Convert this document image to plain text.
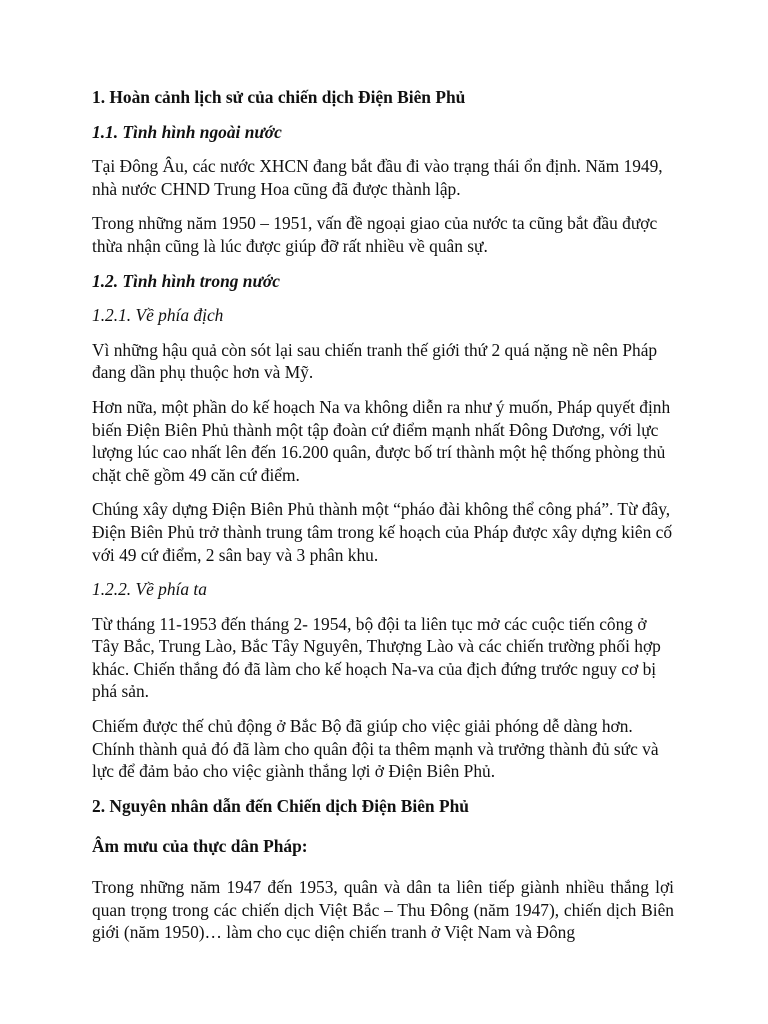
1. Hoàn cảnh lịch sử của chiến dịch Điện Biên Phủ
1.1. Tình hình ngoài nước
Tại Đông Âu, các nước XHCN đang bắt đầu đi vào trạng thái ổn định. Năm 1949, nhà nước CHND Trung Hoa cũng đã được thành lập.
Trong những năm 1950 – 1951, vấn đề ngoại giao của nước ta cũng bắt đầu được thừa nhận cũng là lúc được giúp đỡ rất nhiều về quân sự.
1.2. Tình hình trong nước
1.2.1. Về phía địch
Vì những hậu quả còn sót lại sau chiến tranh thế giới thứ 2 quá nặng nề nên Pháp đang dần phụ thuộc hơn và Mỹ.
Hơn nữa, một phần do kế hoạch Na va không diễn ra như ý muốn, Pháp quyết định biến Điện Biên Phủ thành một tập đoàn cứ điểm mạnh nhất Đông Dương, với lực lượng lúc cao nhất lên đến 16.200 quân, được bố trí thành một hệ thống phòng thủ chặt chẽ gồm 49 căn cứ điểm.
Chúng xây dựng Điện Biên Phủ thành một “pháo đài không thể công phá”. Từ đây, Điện Biên Phủ trở thành trung tâm trong kế hoạch của Pháp được xây dựng kiên cố với 49 cứ điểm, 2 sân bay và 3 phân khu.
1.2.2. Về phía ta
Từ tháng 11-1953 đến tháng 2- 1954, bộ đội ta liên tục mở các cuộc tiến công ở Tây Bắc, Trung Lào, Bắc Tây Nguyên, Thượng Lào và các chiến trường phối hợp khác. Chiến thắng đó đã làm cho kế hoạch Na-va của địch đứng trước nguy cơ bị phá sản.
Chiếm được thế chủ động ở Bắc Bộ đã giúp cho việc giải phóng dễ dàng hơn. Chính thành quả đó đã làm cho quân đội ta thêm mạnh và trưởng thành đủ sức và lực để đảm bảo cho việc giành thắng lợi ở Điện Biên Phủ.
2. Nguyên nhân dẫn đến Chiến dịch Điện Biên Phủ
Âm mưu của thực dân Pháp:
Trong những năm 1947 đến 1953, quân và dân ta liên tiếp giành nhiều thắng lợi quan trọng trong các chiến dịch Việt Bắc – Thu Đông (năm 1947), chiến dịch Biên giới (năm 1950)… làm cho cục diện chiến tranh ở Việt Nam và Đông
